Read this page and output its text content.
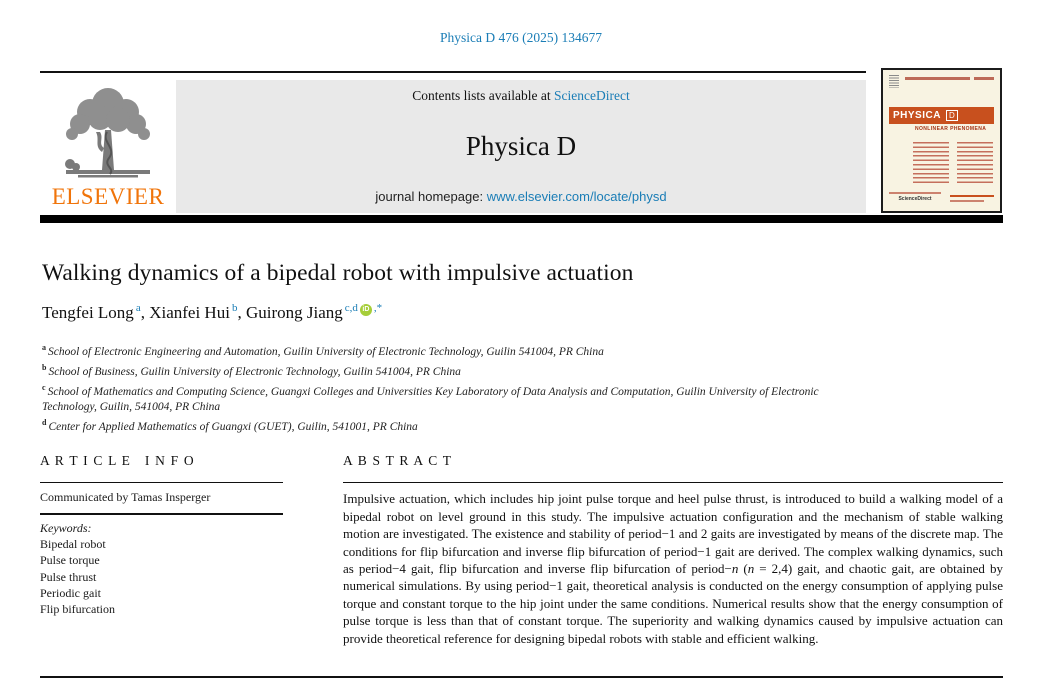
Physica D 476 (2025) 134677
ELSEVIER
Contents lists available at ScienceDirect
Physica D
journal homepage: www.elsevier.com/locate/physd
PHYSICA	D
NONLINEAR PHENOMENA
ScienceDirect
Walking dynamics of a bipedal robot with impulsive actuation
Tengfei Long $^a$, Xianfei Hui $^b$, Guirong Jiang $^{c,d}$ iD ,*
$^a$ School of Electronic Engineering and Automation, Guilin University of Electronic Technology, Guilin 541004, PR China
$^b$ School of Business, Guilin University of Electronic Technology, Guilin 541004, PR China
$^c$ School of Mathematics and Computing Science, Guangxi Colleges and Universities Key Laboratory of Data Analysis and Computation, Guilin University of Electronic Technology, Guilin, 541004, PR China
$^d$ Center for Applied Mathematics of Guangxi (GUET), Guilin, 541001, PR China
A R T I C L E   I N F O
Communicated by Tamas Insperger
Keywords:
Bipedal robot
Pulse torque
Pulse thrust
Periodic gait
Flip bifurcation
A B S T R A C T
Impulsive actuation, which includes hip joint pulse torque and heel pulse thrust, is introduced to build a walking model of a bipedal robot on level ground in this study. The impulsive actuation configuration and the mechanism of stable walking motion are investigated. The existence and stability of period−1 and 2 gaits are investigated by means of the discrete map. The conditions for flip bifurcation and inverse flip bifurcation of period−1 gait are derived. The complex walking dynamics, such as period−4 gait, flip bifurcation and inverse flip bifurcation of period−n (n = 2,4) gait, and chaotic gait, are obtained by numerical simulations. By using period−1 gait, theoretical analysis is conducted on the energy consumption of applying pulse torque and constant torque to the hip joint under the same conditions. Numerical results show that the energy consumption of pulse torque is less than that of constant torque. The superiority and walking dynamics caused by impulsive actuation can provide theoretical reference for designing bipedal robots with stable and efficient walking.
